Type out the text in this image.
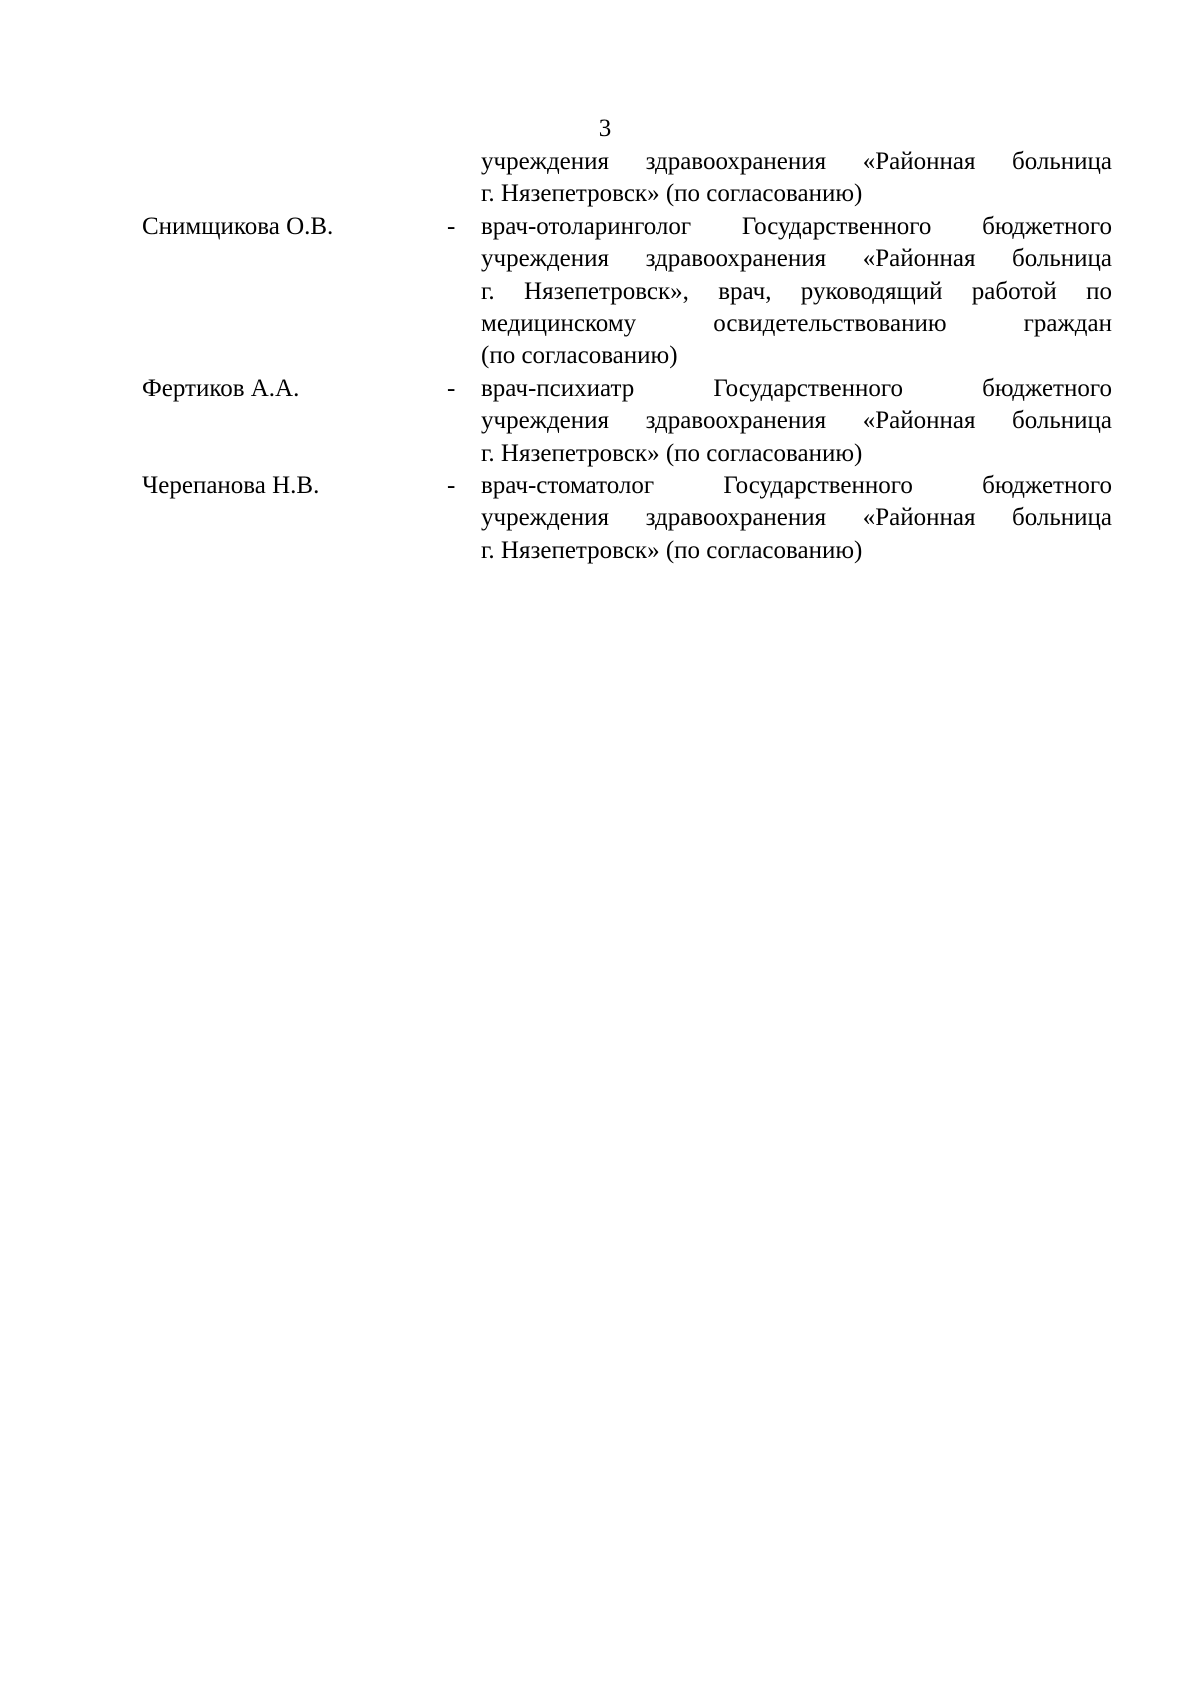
3
учреждения здравоохранения «Районная больница
г. Нязепетровск» (по согласованию)
Снимщикова О.В.	- врач-отоларинголог Государственного бюджетного
учреждения здравоохранения «Районная больница
г. Нязепетровск», врач, руководящий работой по
медицинскому освидетельствованию граждан
(по согласованию)
Фертиков А.А.	- врач-психиатр Государственного бюджетного
учреждения здравоохранения «Районная больница
г. Нязепетровск» (по согласованию)
Черепанова Н.В.	- врач-стоматолог Государственного бюджетного
учреждения здравоохранения «Районная больница
г. Нязепетровск» (по согласованию)
